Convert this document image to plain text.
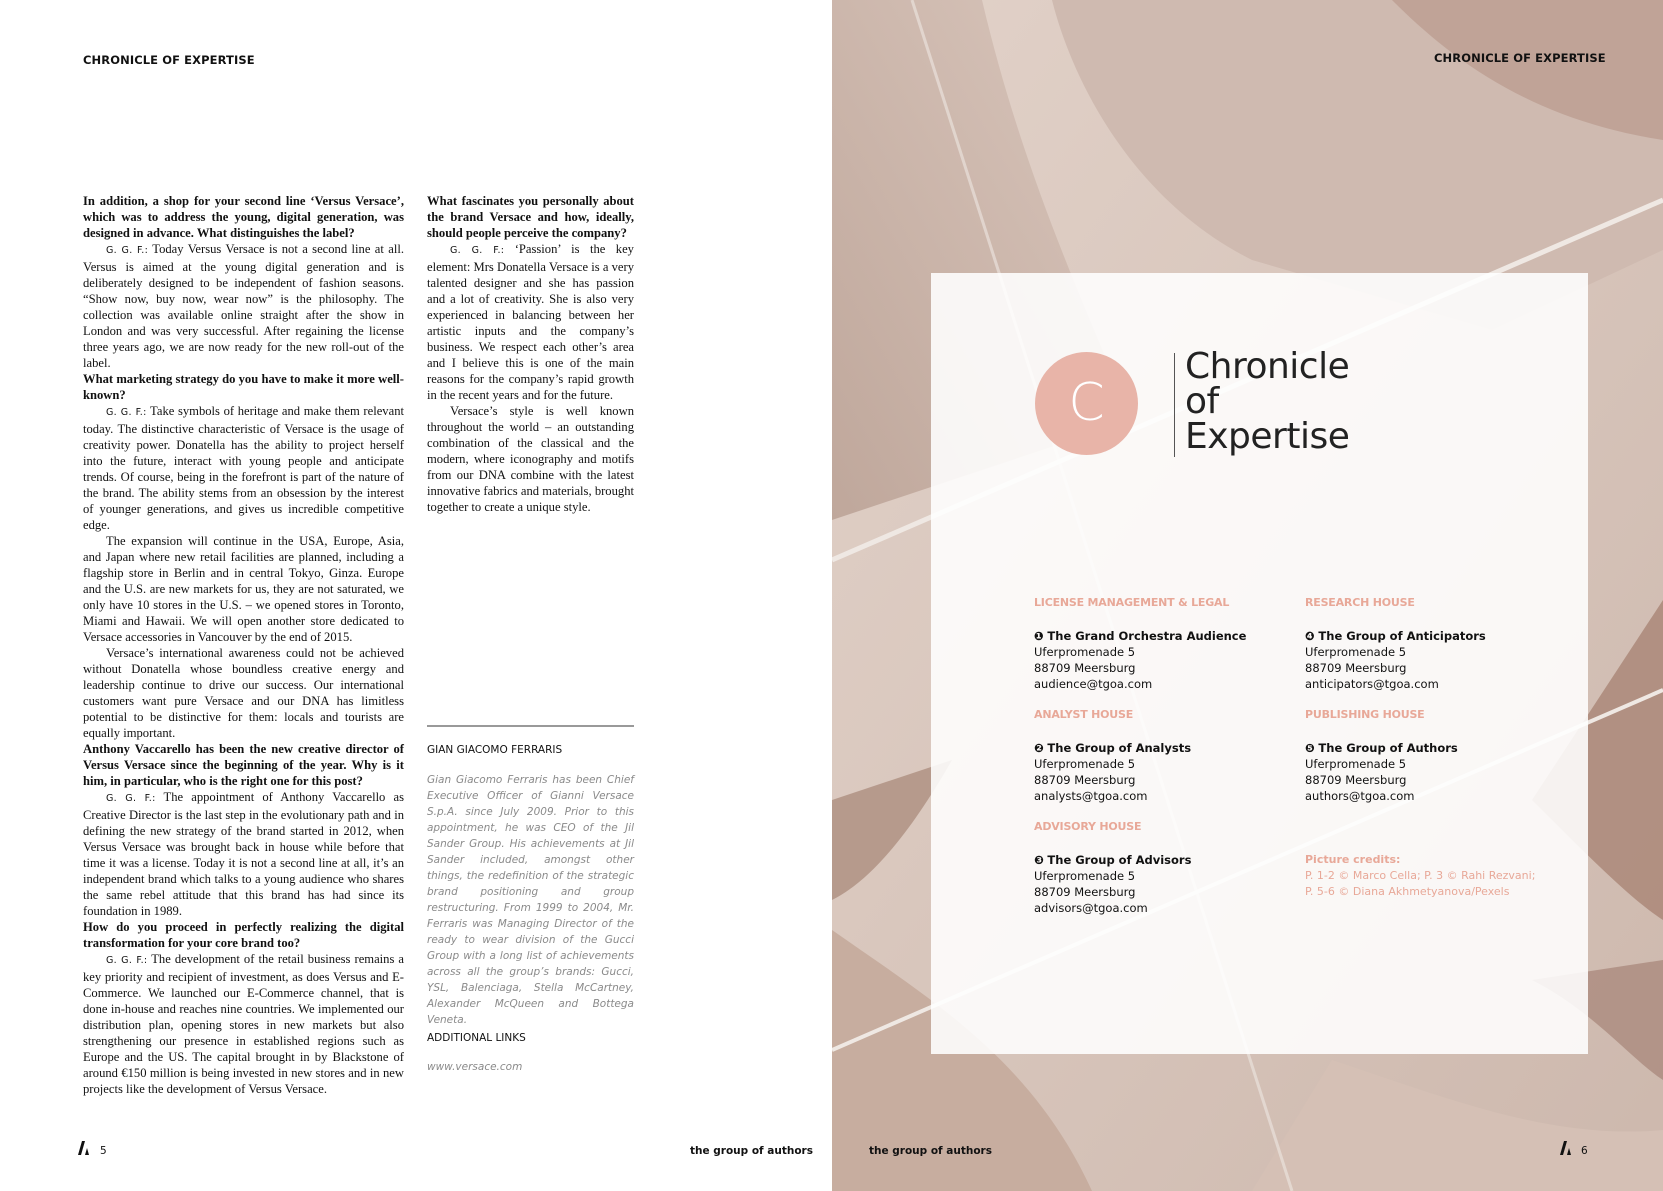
CHRONICLE OF EXPERTISE

In addition, a shop for your second line ‘Versus Versace’, which was to address the young, digital generation, was designed in advance. What distinguishes the label?

G. G. F.: Today Versus Versace is not a second line at all. Versus is aimed at the young digital generation and is deliberately designed to be independent of fashion seasons. “Show now, buy now, wear now” is the philosophy. The collection was available online straight after the show in London and was very successful. After regaining the license three years ago, we are now ready for the new roll-out of the label.

What marketing strategy do you have to make it more well-known?

G. G. F.: Take symbols of heritage and make them relevant today. The distinctive characteristic of Versace is the usage of creativity power. Donatella has the ability to project herself into the future, interact with young people and anticipate trends. Of course, being in the forefront is part of the nature of the brand. The ability stems from an obsession by the interest of younger generations, and gives us incredible competitive edge.

The expansion will continue in the USA, Europe, Asia, and Japan where new retail facilities are planned, including a flagship store in Berlin and in central Tokyo, Ginza. Europe and the U.S. are new markets for us, they are not saturated, we only have 10 stores in the U.S. – we opened stores in Toronto, Miami and Hawaii. We will open another store dedicated to Versace accessories in Vancouver by the end of 2015.

Versace’s international awareness could not be achieved without Donatella whose boundless creative energy and leadership continue to drive our success. Our international customers want pure Versace and our DNA has limitless potential to be distinctive for them: locals and tourists are equally important.

Anthony Vaccarello has been the new creative director of Versus Versace since the beginning of the year. Why is it him, in particular, who is the right one for this post?

G. G. F.: The appointment of Anthony Vaccarello as Creative Director is the last step in the evolutionary path and in defining the new strategy of the brand started in 2012, when Versus Versace was brought back in house while before that time it was a license. Today it is not a second line at all, it’s an independent brand which talks to a young audience who shares the same rebel attitude that this brand has had since its foundation in 1989.

How do you proceed in perfectly realizing the digital transformation for your core brand too?

G. G. F.: The development of the retail business remains a key priority and recipient of investment, as does Versus and E-Commerce. We launched our E-Commerce channel, that is done in-house and reaches nine countries. We implemented our distribution plan, opening stores in new markets but also strengthening our presence in established regions such as Europe and the US. The capital brought in by Blackstone of around €150 million is being invested in new stores and in new projects like the development of Versus Versace.

What fascinates you personally about the brand Versace and how, ideally, should people perceive the company?

G. G. F.: ‘Passion’ is the key element: Mrs Donatella Versace is a very talented designer and she has passion and a lot of creativity. She is also very experienced in balancing between her artistic inputs and the company’s business. We respect each other’s area and I believe this is one of the main reasons for the company’s rapid growth in the recent years and for the future.

Versace’s style is well known throughout the world – an outstanding combination of the classical and the modern, where iconography and motifs from our DNA combine with the latest innovative fabrics and materials, brought together to create a unique style.

GIAN GIACOMO FERRARIS
Gian Giacomo Ferraris has been Chief Executive Officer of Gianni Versace S.p.A. since July 2009. Prior to this appointment, he was CEO of the Jil Sander Group. His achievements at Jil Sander included, amongst other things, the redefinition of the strategic brand positioning and group restructuring. From 1999 to 2004, Mr. Ferraris was Managing Director of the ready to wear division of the Gucci Group with a long list of achievements across all the group’s brands: Gucci, YSL, Balenciaga, Stella McCartney, Alexander McQueen and Bottega Veneta.
ADDITIONAL LINKS
www.versace.com
5	the group of authors
CHRONICLE OF EXPERTISE
C
Chronicle
of
Expertise
LICENSE MANAGEMENT & LEGAL
❶ The Grand Orchestra Audience
Uferpromenade 5
88709 Meersburg
audience@tgoa.com
ANALYST HOUSE
❷ The Group of Analysts
Uferpromenade 5
88709 Meersburg
analysts@tgoa.com
ADVISORY HOUSE
❸ The Group of Advisors
Uferpromenade 5
88709 Meersburg
advisors@tgoa.com
RESEARCH HOUSE
❹ The Group of Anticipators
Uferpromenade 5
88709 Meersburg
anticipators@tgoa.com
PUBLISHING HOUSE
❺ The Group of Authors
Uferpromenade 5
88709 Meersburg
authors@tgoa.com
Picture credits:
P. 1-2 © Marco Cella; P. 3 © Rahi Rezvani;
P. 5-6 © Diana Akhmetyanova/Pexels
the group of authors	6
